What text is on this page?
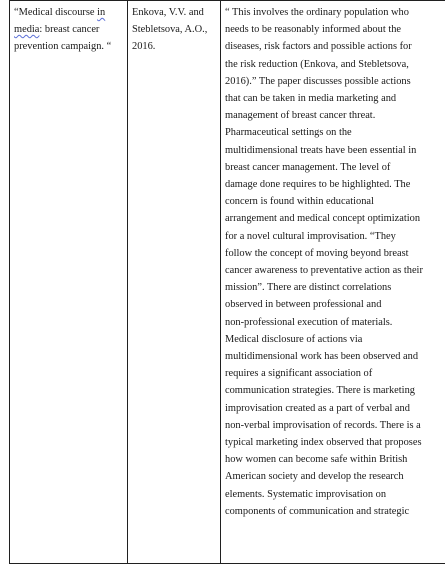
“Medical discourse in
media: breast cancer
prevention campaign. “

Enkova, V.V. and
Stebletsova, A.O.,
2016.

“ This involves the ordinary population who
needs to be reasonably informed about the
diseases, risk factors and possible actions for
the risk reduction (Enkova, and Stebletsova,
2016).” The paper discusses possible actions
that can be taken in media marketing and
management of breast cancer threat.
Pharmaceutical settings on the
multidimensional treats have been essential in
breast cancer management. The level of
damage done requires to be highlighted. The
concern is found within educational
arrangement and medical concept optimization
for a novel cultural improvisation. “They
follow the concept of moving beyond breast
cancer awareness to preventative action as their
mission”. There are distinct correlations
observed in between professional and
non-professional execution of materials.
Medical disclosure of actions via
multidimensional work has been observed and
requires a significant association of
communication strategies. There is marketing
improvisation created as a part of verbal and
non-verbal improvisation of records. There is a
typical marketing index observed that proposes
how women can become safe within British
American society and develop the research
elements. Systematic improvisation on
components of communication and strategic
